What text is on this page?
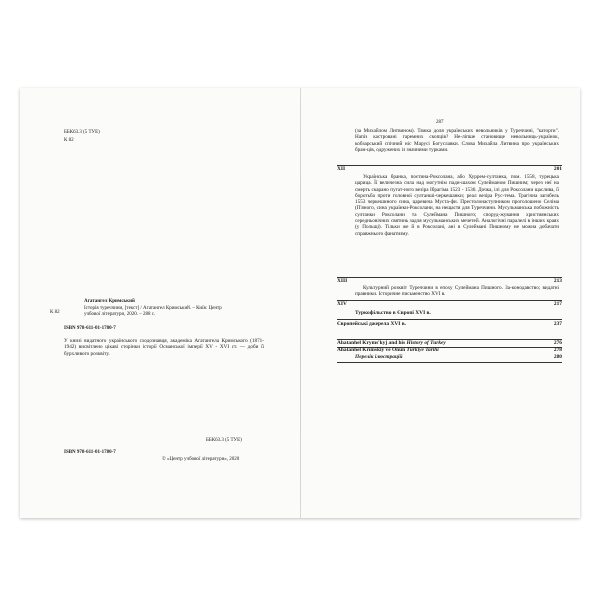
ББК63.3 (5 ТУЕ)
К 82
К 82
Агатангел Кримський
Історія туреччини, [текст] / Агатангел Кримський. – Київ: Центр
учбової літератури, 2020. – 288 с.
ISBN 978-611-01-1780-7
У книзі видатного українського сходознавця, академіка Агатангела Кримського (1871-1942) висвітлено цікаві сторінки історії Османської імперії XV - XVI ст. — доби її бурхливого розквіту.
ББК63.3 (5 ТУЕ)
ISBN 978-611-01-1780-7
© «Центр учбової літератури», 2020
287
(за Михайлом Литвином). Тяжка доля українських невольників у Туреччині, "каторги". Напіз кастровані гаремних скопців? Не-ліпше становище невольниць-українок, кобзарський спічний ніс Марусі Богуславки. Слова Михайла Литвина про українських бран-ців, одружених із значними турками.
XII	201
Українська бранка, поєтина-Роксолана, або Хуррем-султанка, пом. 1558, турецька царица. Її величезна сила над могутнім пади-шахом Сулейманом Пишним; через неї на смерть скарано пугат-ного везіра Ібрагіма 1523 - 1536. Дочка, ілі для Роксолани щаслива, її боротьба проти головної султанші-черкешанки; реал везіра Рус-тема. Трагічна загибель 1553 черкешиного сина, царевича Муста-фи. Престолонаступником проголошено Селіма (П'яного, сина українки-Роксолани, на нещастя для Туреччини. Мусульманська побожність султанки Роксолани та Сулеймана Пишного; споруд-жування християнських середньовічних святинь задля мусульманських мечетей. Аналогічні паралелі в інших краях (у Польщі). Тільки же й в Роксолані, ані в Сулеймані Пишному не можна добачати справжнього фанатизму.
XIII	213
Культурний розквіт Туреччини в епоху Сулеймана Пишного. За-конодавство; видатні правники. Історичне письменство XVI в.
XIV	217
Туркофільство в Європі XVI в.
Європейські джерела XVI в.	237
Ahatanhel Kryms'kyj and his History of Turkey	276
Ahatanhel Krımskiy ve Onun Türkiye Tarihi	278
Перелік ілюстрацій	280
